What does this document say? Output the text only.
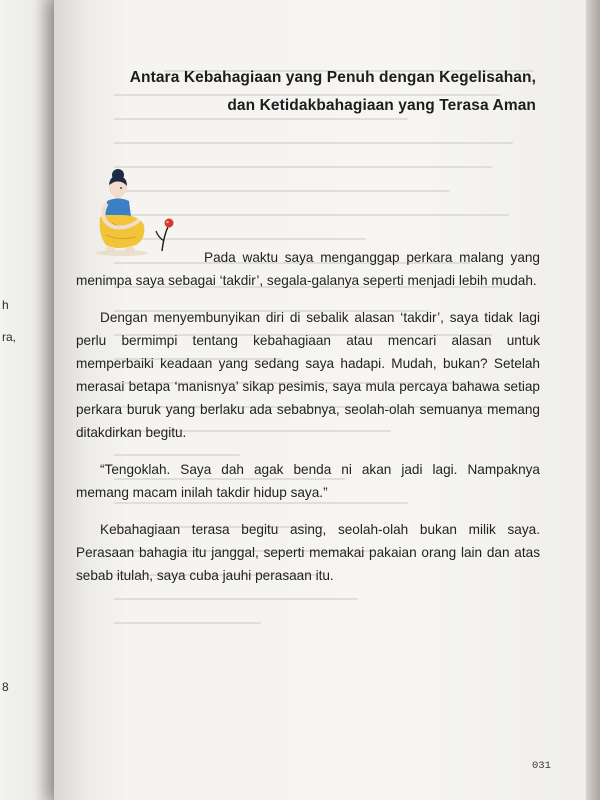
h
ra,
8
Antara Kebahagiaan yang Penuh dengan Kegelisahan,
dan Ketidakbahagiaan yang Terasa Aman

Pada waktu saya menganggap perkara malang yang menimpa saya sebagai ‘takdir’, segala-galanya seperti menjadi lebih mudah.

Dengan menyembunyikan diri di sebalik alasan ‘takdir’, saya tidak lagi perlu bermimpi tentang kebahagiaan atau mencari alasan untuk memperbaiki keadaan yang sedang saya hadapi. Mudah, bukan? Setelah merasai betapa ‘manisnya’ sikap pesimis, saya mula percaya bahawa setiap perkara buruk yang berlaku ada sebabnya, seolah-olah semuanya memang ditakdirkan begitu.

“Tengoklah. Saya dah agak benda ni akan jadi lagi. Nampaknya memang macam inilah takdir hidup saya.”

Kebahagiaan terasa begitu asing, seolah-olah bukan milik saya. Perasaan bahagia itu janggal, seperti memakai pakaian orang lain dan atas sebab itulah, saya cuba jauhi perasaan itu.

031
